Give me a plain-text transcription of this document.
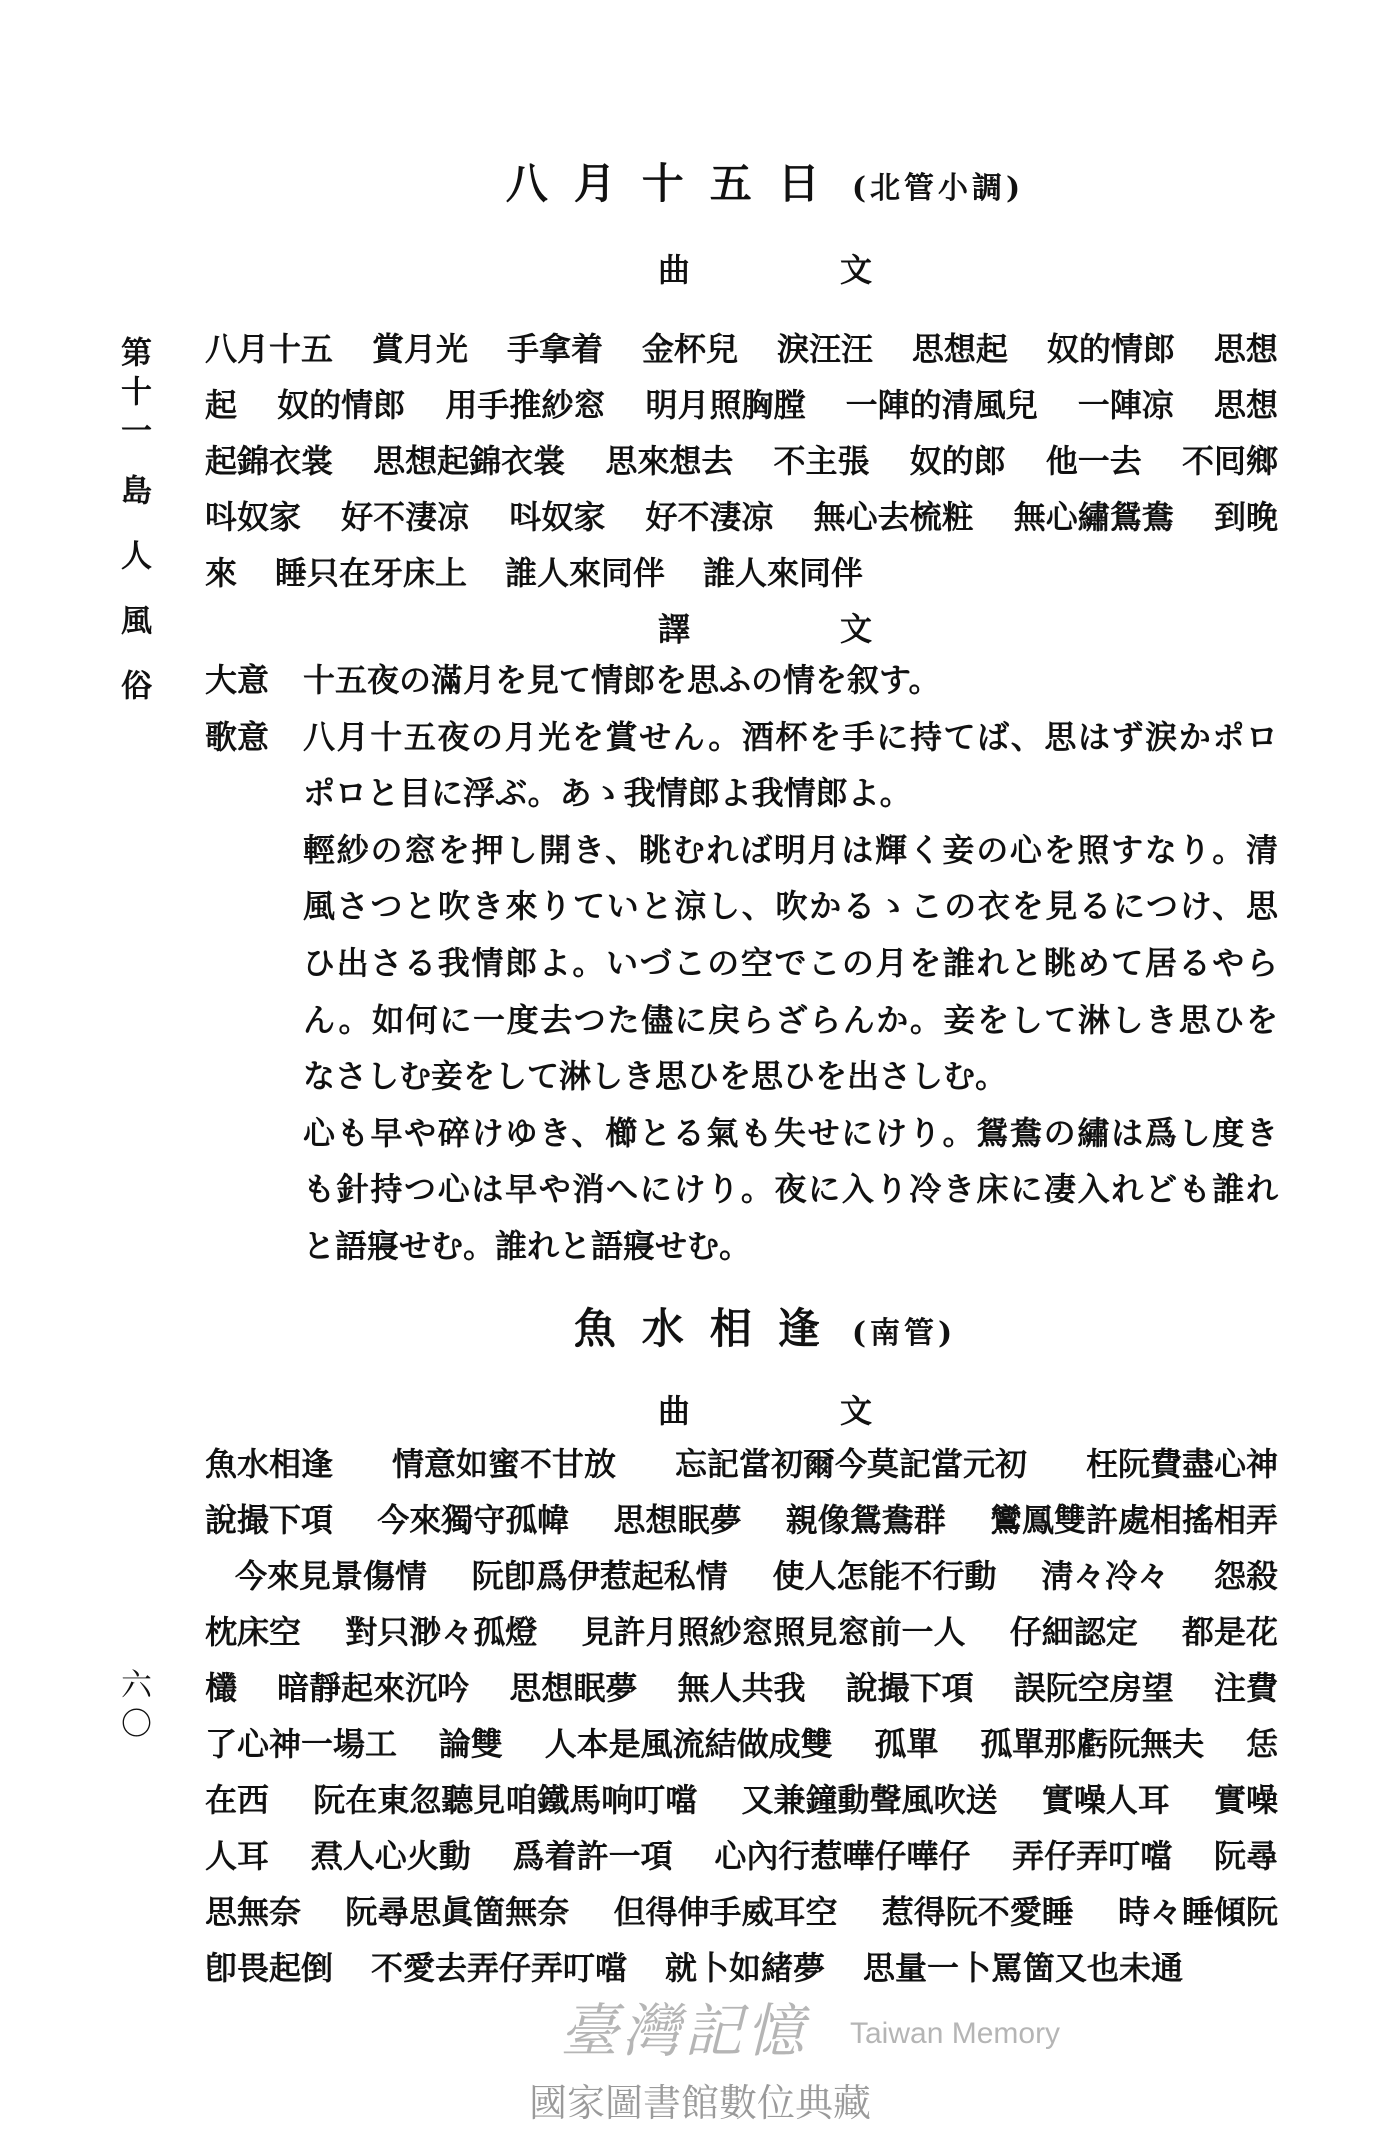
第十一
島人風俗
六〇
八月十五日 (北管小調)
曲	文
八月十五 賞月光 手拿着 金杯兒 淚汪汪 思想起 奴的情郎 思想
起 奴的情郎 用手推紗窓 明月照胸膛 一陣的清風兒 一陣凉 思想
起錦衣裳 思想起錦衣裳 思來想去 不主張 奴的郎 他一去 不囘鄉
呌奴家 好不淒凉 呌奴家 好不淒凉 無心去梳粧 無心繡鴛鴦 到晚
來 睡只在牙床上 誰人來同伴 誰人來同伴
譯	文
大意 十五夜の滿月を見て情郎を思ふの情を叙す。
歌意 八月十五夜の月光を賞せん。酒杯を手に持てば、思はず涙かポロ
ポロと目に浮ぶ。あゝ我情郎よ我情郎よ。
輕紗の窓を押し開き、眺むれば明月は輝く妾の心を照すなり。清
風さつと吹き來りていと涼し、吹かるゝこの衣を見るにつけ、思
ひ出さる我情郎よ。いづこの空でこの月を誰れと眺めて居るやら
ん。如何に一度去つた儘に戻らざらんか。妾をして淋しき思ひを
なさしむ妾をして淋しき思ひを思ひを出さしむ。
心も早や碎けゆき、櫛とる氣も失せにけり。鴛鴦の繡は爲し度き
も針持つ心は早や消へにけり。夜に入り冷き床に凄入れども誰れ
と語寢せむ。誰れと語寢せむ。
魚水相逢 (南管)
曲	文
魚水相逢 情意如蜜不甘放 忘記當初爾今莫記當元初 枉阮費盡心神
說撮下項 今來獨守孤幃 思想眠夢 親像鴛鴦群 鸞鳳雙許處相搖相弄
今來見景傷情 阮卽爲伊惹起私情 使人怎能不行動 淸々冷々 怨殺
枕床空 對只渺々孤燈 見許月照紗窓照見窓前一人 仔細認定 都是花
欉 暗靜起來沉吟 思想眠夢 無人共我 說撮下項 誤阮空房望 注費
了心神一場工 論雙 人本是風流結做成雙 孤單 孤單那虧阮無夫 恁
在西 阮在東忽聽見咱鐵馬响叮噹 又兼鐘動聲風吹送 實噪人耳 實噪
人耳 焄人心火動 爲着許一項 心內行惹嘩仔嘩仔 弄仔弄叮噹 阮尋
思無奈 阮尋思眞箇無奈 但得伸手威耳空 惹得阮不愛睡 時々睡傾阮
卽畏起倒 不愛去弄仔弄叮噹 就卜如緒夢 思量一卜罵箇又也未通
臺灣記憶 Taiwan Memory
國家圖書館數位典藏
